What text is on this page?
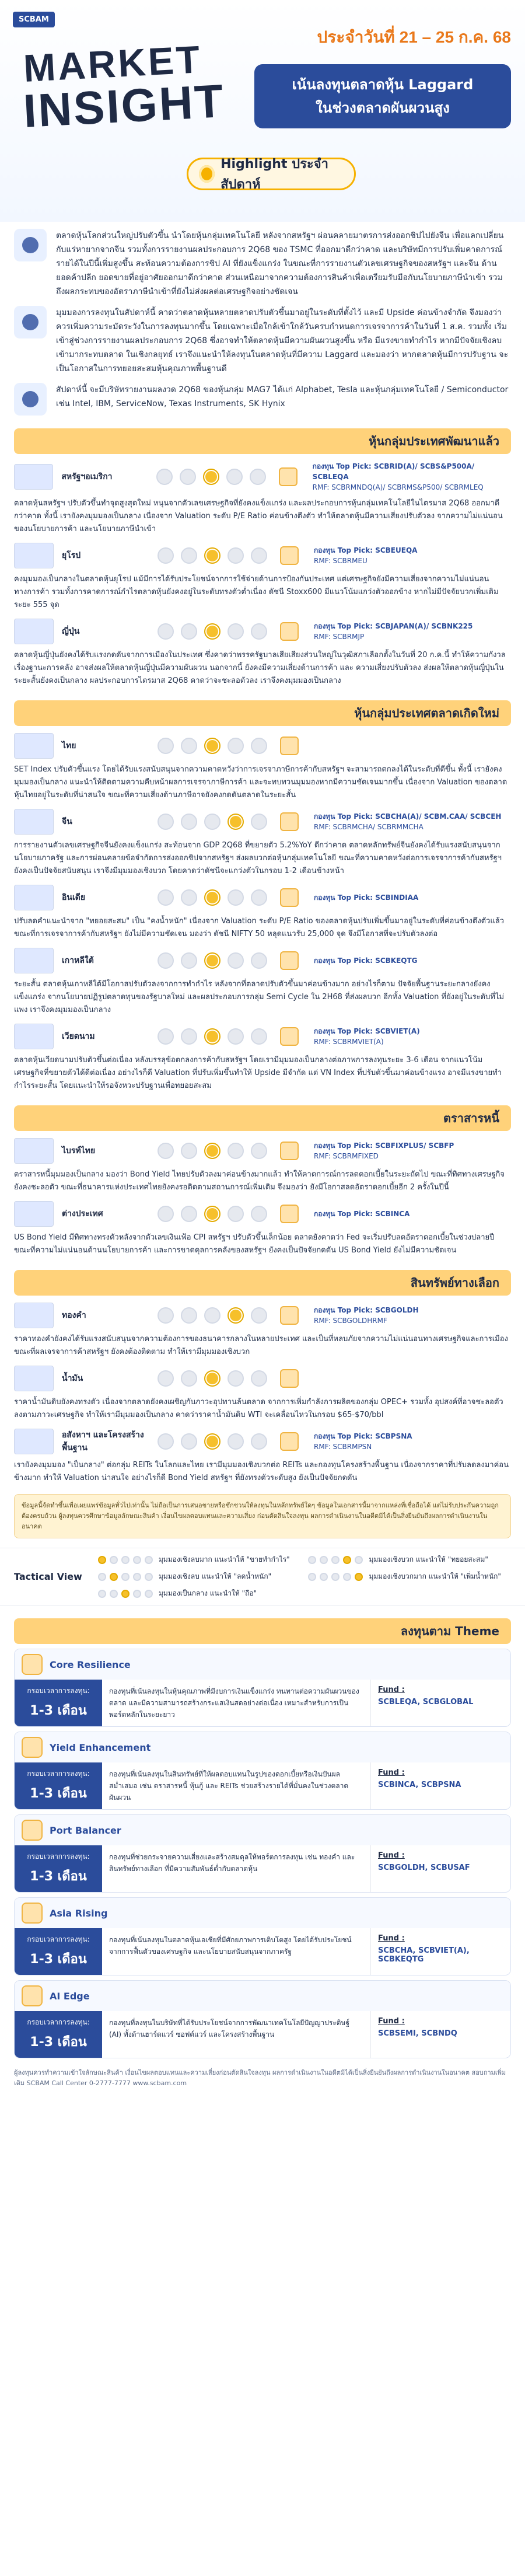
SCBAM
MARKET
INSIGHT
ประจำวันที่ 21 – 25 ก.ค. 68
เน้นลงทุนตลาดหุ้น Laggard
ในช่วงตลาดผันผวนสูง
Highlight ประจำสัปดาห์
ตลาดหุ้นโลกส่วนใหญ่ปรับตัวขึ้น นำโดยหุ้นกลุ่มเทคโนโลยี หลังจากสหรัฐฯ ผ่อนคลายมาตรการส่งออกชิปไปยังจีน เพื่อแลกเปลี่ยนกับแร่หายากจากจีน รวมทั้งการรายงานผลประกอบการ 2Q68 ของ TSMC ที่ออกมาดีกว่าคาด และบริษัทมีการปรับเพิ่มคาดการณ์รายได้ในปีนี้เพิ่มสูงขึ้น สะท้อนความต้องการชิป AI ที่ยังแข็งแกร่ง ในขณะที่การรายงานตัวเลขเศรษฐกิจของสหรัฐฯ และจีน ด้านยอดค้าปลีก ยอดขายที่อยู่อาศัยออกมาดีกว่าคาด ส่วนเหนือมาจากความต้องการสินค้าเพื่อเตรียมรับมือกับนโยบายภาษีนำเข้า รวมถึงผลกระทบของอัตราภาษีนำเข้าที่ยังไม่ส่งผลต่อเศรษฐกิจอย่างชัดเจน
มุมมองการลงทุนในสัปดาห์นี้ คาดว่าตลาดหุ้นหลายตลาดปรับตัวขึ้นมาอยู่ในระดับที่ตั้งไว้ และมี Upside ค่อนข้างจำกัด จึงมองว่า ควรเพิ่มความระมัดระวังในการลงทุนมากขึ้น โดยเฉพาะเมื่อใกล้เข้าใกล้วันครบกำหนดการเจรจาการค้าในวันที่ 1 ส.ค. รวมทั้ง เริ่มเข้าสู่ช่วงการรายงานผลประกอบการ 2Q68 ซึ่งอาจทำให้ตลาดหุ้นมีความผันผวนสูงขึ้น หรือ มีแรงขายทำกำไร หากมีปัจจัยเชิงลบเข้ามากระทบตลาด ในเชิงกลยุทธ์ เราจึงแนะนำให้ลงทุนในตลาดหุ้นที่มีความ Laggard และมองว่า หากตลาดหุ้นมีการปรับฐาน จะเป็นโอกาสในการทยอยสะสมหุ้นคุณภาพพื้นฐานดี
สัปดาห์นี้ จะมีบริษัทรายงานผลงวด 2Q68 ของหุ้นกลุ่ม MAG7 ได้แก่ Alphabet, Tesla และหุ้นกลุ่มเทคโนโลยี / Semiconductor เช่น Intel, IBM, ServiceNow, Texas Instruments, SK Hynix
หุ้นกลุ่มประเทศพัฒนาแล้ว
สหรัฐฯอเมริกา
กองทุน Top Pick: SCBRID(A)/ SCBS&P500A/ SCBLEQA
RMF: SCBRMNDQ(A)/ SCBRMS&P500/ SCBRMLEQ
ตลาดหุ้นสหรัฐฯ ปรับตัวขึ้นทำจุดสูงสุดใหม่ หนุนจากตัวเลขเศรษฐกิจที่ยังคงแข็งแกร่ง และผลประกอบการหุ้นกลุ่มเทคโนโลยีในไตรมาส 2Q68 ออกมาดีกว่าคาด ทั้งนี้ เรายังคงมุมมองเป็นกลาง เนื่องจาก Valuation ระดับ P/E Ratio ค่อนข้างตึงตัว ทำให้ตลาดหุ้นมีความเสี่ยงปรับตัวลง จากความไม่แน่นอนของนโยบายการค้า และนโยบายภาษีนำเข้า
ยุโรป
กองทุน Top Pick: SCBEUEQA
RMF: SCBRMEU
คงมุมมองเป็นกลางในตลาดหุ้นยุโรป แม้มีการได้รับประโยชน์จากการใช้จ่ายด้านการป้องกันประเทศ แต่เศรษฐกิจยังมีความเสี่ยงจากความไม่แน่นอนทางการค้า รวมทั้งการคาดการณ์กำไรตลาดหุ้นยังคงอยู่ในระดับทรงตัวต่ำเนื่อง ดัชนี Stoxx600 มีแนวโน้มแกว่งตัวออกข้าง หากไม่มีปัจจัยบวกเพิ่มเติมระยะ 555 จุด
ญี่ปุ่น
กองทุน Top Pick: SCBJAPAN(A)/ SCBNK225
RMF: SCBRMJP
ตลาดหุ้นญี่ปุ่นยังคงได้รับแรงกดดันจากการเมืองในประเทศ ซึ่งคาดว่าพรรครัฐบาลเสียเสียงส่วนใหญ่ในวุฒิสภาเลือกตั้งในวันที่ 20 ก.ค.นี้ ทำให้ความกังวลเรื่องฐานะการคลัง อาจส่งผลให้ตลาดหุ้นญี่ปุ่นมีความผันผวน นอกจากนี้ ยังคงมีความเสี่ยงด้านการค้า และ ความเสี่ยงปรับตัวลง ส่งผลให้ตลาดหุ้นญี่ปุ่นในระยะสั้นยังคงเป็นกลาง ผลประกอบการไตรมาส 2Q68 คาดว่าจะชะลอตัวลง เราจึงคงมุมมองเป็นกลาง
หุ้นกลุ่มประเทศตลาดเกิดใหม่
ไทย
SET Index ปรับตัวขึ้นแรง โดยได้รับแรงสนับสนุนจากความคาดหวังว่าการเจรจาภาษีการค้ากับสหรัฐฯ จะสามารถตกลงได้ในระดับที่ดีขึ้น ทั้งนี้ เรายังคงมุมมองเป็นกลาง แนะนำให้ติดตามความคืบหน้าผลการเจรจาภาษีการค้า และจะทบทวนมุมมองหากมีความชัดเจนมากขึ้น เนื่องจาก Valuation ของตลาดหุ้นไทยอยู่ในระดับที่น่าสนใจ ขณะที่ความเสี่ยงด้านภาษีอาจยังคงกดดันตลาดในระยะสั้น
จีน
กองทุน Top Pick: SCBCHA(A)/ SCBM.CAA/ SCBCEH
RMF: SCBRMCHA/ SCBRMMCHA
การรายงานตัวเลขเศรษฐกิจจีนยังคงแข็งแกร่ง สะท้อนจาก GDP 2Q68 ที่ขยายตัว 5.2%YoY ดีกว่าคาด ตลาดหลักทรัพย์จีนยังคงได้รับแรงสนับสนุนจากนโยบายภาครัฐ และการผ่อนคลายข้อจำกัดการส่งออกชิปจากสหรัฐฯ ส่งผลบวกต่อหุ้นกลุ่มเทคโนโลยี ขณะที่ความคาดหวังต่อการเจรจาการค้ากับสหรัฐฯ ยังคงเป็นปัจจัยสนับสนุน เราจึงมีมุมมองเชิงบวก โดยคาดว่าดัชนีจะแกว่งตัวในกรอบ 1-2 เดือนข้างหน้า
อินเดีย	กองทุน Top Pick: SCBINDIAA
ปรับลดคำแนะนำจาก "ทยอยสะสม" เป็น "คงน้ำหนัก" เนื่องจาก Valuation ระดับ P/E Ratio ของตลาดหุ้นปรับเพิ่มขึ้นมาอยู่ในระดับที่ค่อนข้างตึงตัวแล้ว ขณะที่การเจรจาการค้ากับสหรัฐฯ ยังไม่มีความชัดเจน มองว่า ดัชนี NIFTY 50 หลุดแนวรับ 25,000 จุด จึงมีโอกาสที่จะปรับตัวลงต่อ
เกาหลีใต้	กองทุน Top Pick: SCBKEQTG
ระยะสั้น ตลาดหุ้นเกาหลีใต้มีโอกาสปรับตัวลงจากการทำกำไร หลังจากที่ตลาดปรับตัวขึ้นมาค่อนข้างมาก อย่างไรก็ตาม ปัจจัยพื้นฐานระยะกลางยังคงแข็งแกร่ง จากนโยบายปฏิรูปตลาดทุนของรัฐบาลใหม่ และผลประกอบการกลุ่ม Semi Cycle ใน 2H68 ที่ส่งผลบวก อีกทั้ง Valuation ที่ยังอยู่ในระดับที่ไม่แพง เราจึงคงมุมมองเป็นกลาง
เวียดนาม
กองทุน Top Pick: SCBVIET(A)
RMF: SCBRMVIET(A)
ตลาดหุ้นเวียดนามปรับตัวขึ้นต่อเนื่อง หลังบรรลุข้อตกลงการค้ากับสหรัฐฯ โดยเรามีมุมมองเป็นกลางต่อภาพการลงทุนระยะ 3-6 เดือน จากแนวโน้มเศรษฐกิจที่ขยายตัวได้ดีต่อเนื่อง อย่างไรก็ดี Valuation ที่ปรับเพิ่มขึ้นทำให้ Upside มีจำกัด แต่ VN Index ที่ปรับตัวขึ้นมาค่อนข้างแรง อาจมีแรงขายทำกำไรระยะสั้น โดยแนะนำให้รอจังหวะปรับฐานเพื่อทยอยสะสม
ตราสารหนี้
ไบรท์ไทย
กองทุน Top Pick: SCBFIXPLUS/ SCBFP
RMF: SCBRMFIXED
ตราสารหนี้มุมมองเป็นกลาง มองว่า Bond Yield ไทยปรับตัวลงมาค่อนข้างมากแล้ว ทำให้คาดการณ์การลดดอกเบี้ยในระยะถัดไป ขณะที่ทิศทางเศรษฐกิจยังคงชะลอตัว ขณะที่ธนาคารแห่งประเทศไทยยังคงรอติดตามสถานการณ์เพิ่มเติม จึงมองว่า ยังมีโอกาสลดอัตราดอกเบี้ยอีก 2 ครั้งในปีนี้
ต่างประเทศ	กองทุน Top Pick: SCBINCA
US Bond Yield มีทิศทางทรงตัวหลังจากตัวเลขเงินเฟ้อ CPI สหรัฐฯ ปรับตัวขึ้นเล็กน้อย ตลาดยังคาดว่า Fed จะเริ่มปรับลดอัตราดอกเบี้ยในช่วงปลายปี ขณะที่ความไม่แน่นอนด้านนโยบายการค้า และการขาดดุลการคลังของสหรัฐฯ ยังคงเป็นปัจจัยกดดัน US Bond Yield ยังไม่มีความชัดเจน
สินทรัพย์ทางเลือก
ทองคำ
กองทุน Top Pick: SCBGOLDH
RMF: SCBGOLDHRMF
ราคาทองคำยังคงได้รับแรงสนับสนุนจากความต้องการของธนาคารกลางในหลายประเทศ และเป็นที่หลบภัยจากความไม่แน่นอนทางเศรษฐกิจและการเมือง ขณะที่ผลเจรจาการค้าสหรัฐฯ ยังคงต้องติดตาม ทำให้เรามีมุมมองเชิงบวก
น้ำมัน
ราคาน้ำมันดิบยังคงทรงตัว เนื่องจากตลาดยังคงเผชิญกับภาวะอุปทานล้นตลาด จากการเพิ่มกำลังการผลิตของกลุ่ม OPEC+ รวมทั้ง อุปสงค์ที่อาจชะลอตัวลงตามภาวะเศรษฐกิจ ทำให้เรามีมุมมองเป็นกลาง คาดว่าราคาน้ำมันดิบ WTI จะเคลื่อนไหวในกรอบ $65-$70/bbl
อสังหาฯ และโครงสร้างพื้นฐาน
กองทุน Top Pick: SCBPSNA
RMF: SCBRMPSN
เรายังคงมุมมอง "เป็นกลาง" ต่อกลุ่ม REITs ในโลกและไทย เรามีมุมมองเชิงบวกต่อ REITs และกองทุนโครงสร้างพื้นฐาน เนื่องจากราคาที่ปรับลดลงมาค่อนข้างมาก ทำให้ Valuation น่าสนใจ อย่างไรก็ดี Bond Yield สหรัฐฯ ที่ยังทรงตัวระดับสูง ยังเป็นปัจจัยกดดัน
ข้อมูลนี้จัดทำขึ้นเพื่อเผยแพร่ข้อมูลทั่วไปเท่านั้น ไม่ถือเป็นการเสนอขายหรือชักชวนให้ลงทุนในหลักทรัพย์ใดๆ ข้อมูลในเอกสารนี้มาจากแหล่งที่เชื่อถือได้ แต่ไม่รับประกันความถูกต้องครบถ้วน ผู้ลงทุนควรศึกษาข้อมูลลักษณะสินค้า เงื่อนไขผลตอบแทนและความเสี่ยง ก่อนตัดสินใจลงทุน ผลการดำเนินงานในอดีตมิได้เป็นสิ่งยืนยันถึงผลการดำเนินงานในอนาคต
Tactical View
มุมมองเชิงลบมาก แนะนำให้ "ขายทำกำไร"	มุมมองเชิงบวก แนะนำให้ "ทยอยสะสม"
มุมมองเชิงลบ แนะนำให้ "ลดน้ำหนัก"	มุมมองเชิงบวกมาก แนะนำให้ "เพิ่มน้ำหนัก"
มุมมองเป็นกลาง แนะนำให้ "ถือ"
ลงทุนตาม Theme
Core Resilience
กรอบเวลาการลงทุน:
1-3 เดือน
กองทุนที่เน้นลงทุนในหุ้นคุณภาพที่มีงบการเงินแข็งแกร่ง ทนทานต่อความผันผวนของตลาด และมีความสามารถสร้างกระแสเงินสดอย่างต่อเนื่อง เหมาะสำหรับการเป็นพอร์ตหลักในระยะยาว
Fund :
SCBLEQA, SCBGLOBAL
Yield Enhancement
กรอบเวลาการลงทุน:
1-3 เดือน
กองทุนที่เน้นลงทุนในสินทรัพย์ที่ให้ผลตอบแทนในรูปของดอกเบี้ยหรือเงินปันผลสม่ำเสมอ เช่น ตราสารหนี้ หุ้นกู้ และ REITs ช่วยสร้างรายได้ที่มั่นคงในช่วงตลาดผันผวน
Fund :
SCBINCA, SCBPSNA
Port Balancer
กรอบเวลาการลงทุน:
1-3 เดือน
กองทุนที่ช่วยกระจายความเสี่ยงและสร้างสมดุลให้พอร์ตการลงทุน เช่น ทองคำ และสินทรัพย์ทางเลือก ที่มีความสัมพันธ์ต่ำกับตลาดหุ้น
Fund :
SCBGOLDH, SCBUSAF
Asia Rising
กรอบเวลาการลงทุน:
1-3 เดือน
กองทุนที่เน้นลงทุนในตลาดหุ้นเอเชียที่มีศักยภาพการเติบโตสูง โดยได้รับประโยชน์จากการฟื้นตัวของเศรษฐกิจ และนโยบายสนับสนุนจากภาครัฐ
Fund :
SCBCHA, SCBVIET(A), SCBKEQTG
AI Edge
กรอบเวลาการลงทุน:
1-3 เดือน
กองทุนที่ลงทุนในบริษัทที่ได้รับประโยชน์จากการพัฒนาเทคโนโลยีปัญญาประดิษฐ์ (AI) ทั้งด้านฮาร์ดแวร์ ซอฟต์แวร์ และโครงสร้างพื้นฐาน
Fund :
SCBSEMI, SCBNDQ
ผู้ลงทุนควรทำความเข้าใจลักษณะสินค้า เงื่อนไขผลตอบแทนและความเสี่ยงก่อนตัดสินใจลงทุน ผลการดำเนินงานในอดีตมิได้เป็นสิ่งยืนยันถึงผลการดำเนินงานในอนาคต สอบถามเพิ่มเติม SCBAM Call Center 0-2777-7777 www.scbam.com
